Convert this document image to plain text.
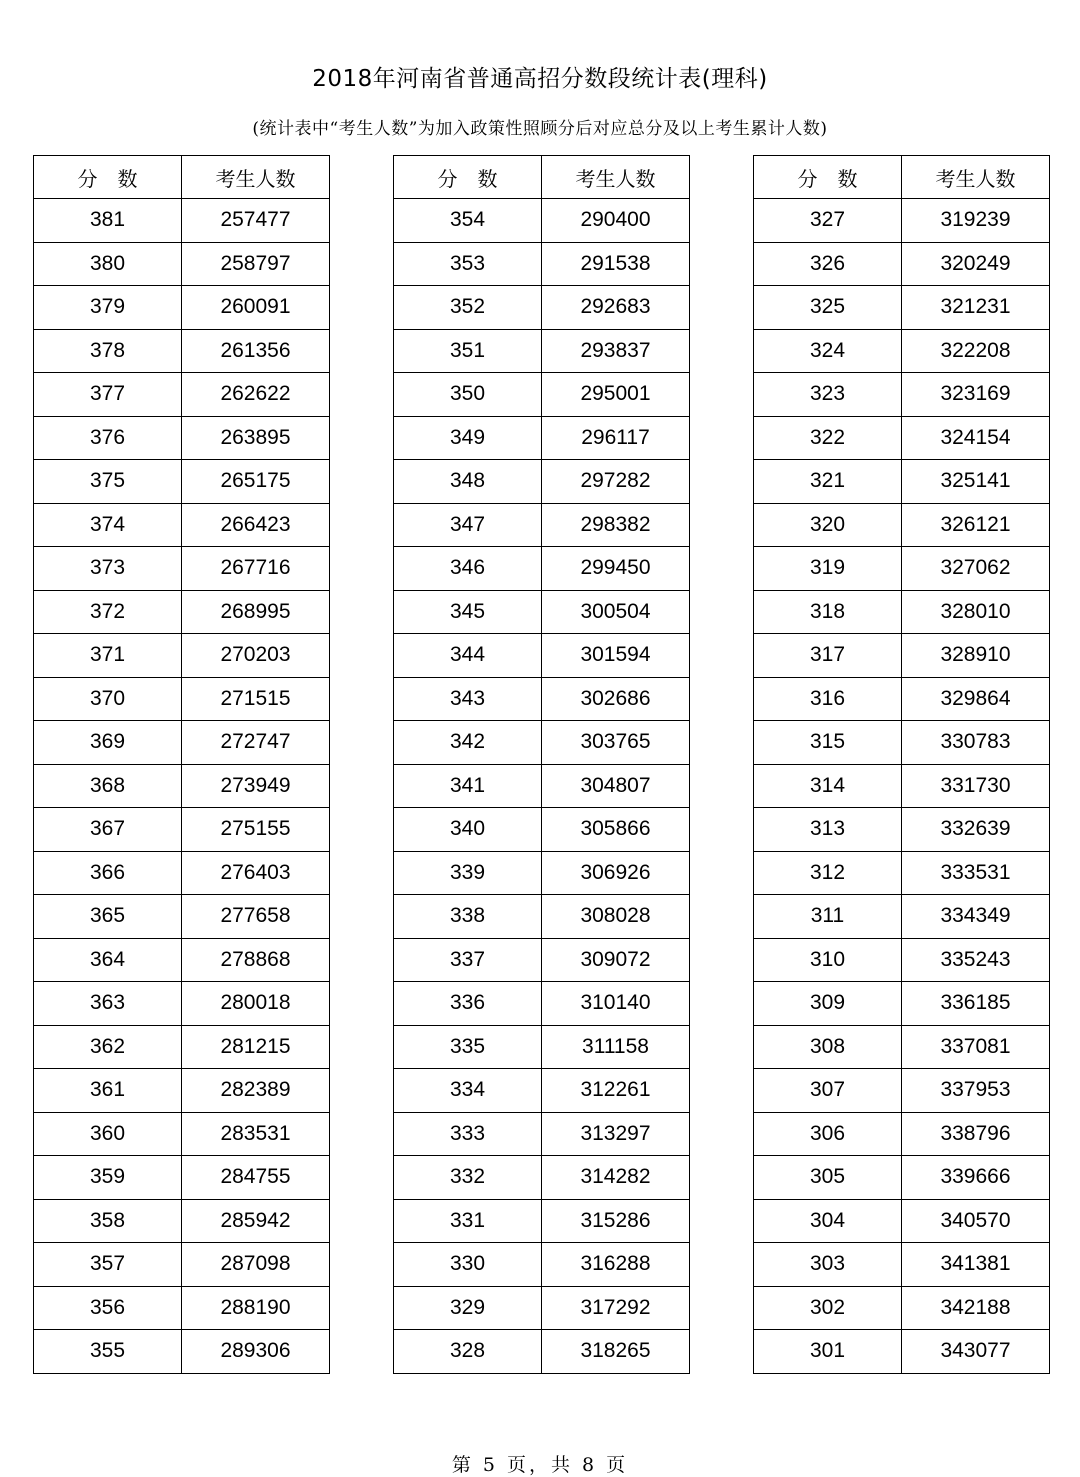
2018年河南省普通高招分数段统计表(理科)
(统计表中“考生人数”为加入政策性照顾分后对应总分及以上考生累计人数)
分　数	考生人数
381	257477
380	258797
379	260091
378	261356
377	262622
376	263895
375	265175
374	266423
373	267716
372	268995
371	270203
370	271515
369	272747
368	273949
367	275155
366	276403
365	277658
364	278868
363	280018
362	281215
361	282389
360	283531
359	284755
358	285942
357	287098
356	288190
355	289306
分　数	考生人数
354	290400
353	291538
352	292683
351	293837
350	295001
349	296117
348	297282
347	298382
346	299450
345	300504
344	301594
343	302686
342	303765
341	304807
340	305866
339	306926
338	308028
337	309072
336	310140
335	311158
334	312261
333	313297
332	314282
331	315286
330	316288
329	317292
328	318265
分　数	考生人数
327	319239
326	320249
325	321231
324	322208
323	323169
322	324154
321	325141
320	326121
319	327062
318	328010
317	328910
316	329864
315	330783
314	331730
313	332639
312	333531
311	334349
310	335243
309	336185
308	337081
307	337953
306	338796
305	339666
304	340570
303	341381
302	342188
301	343077
第 5 页，共 8 页
